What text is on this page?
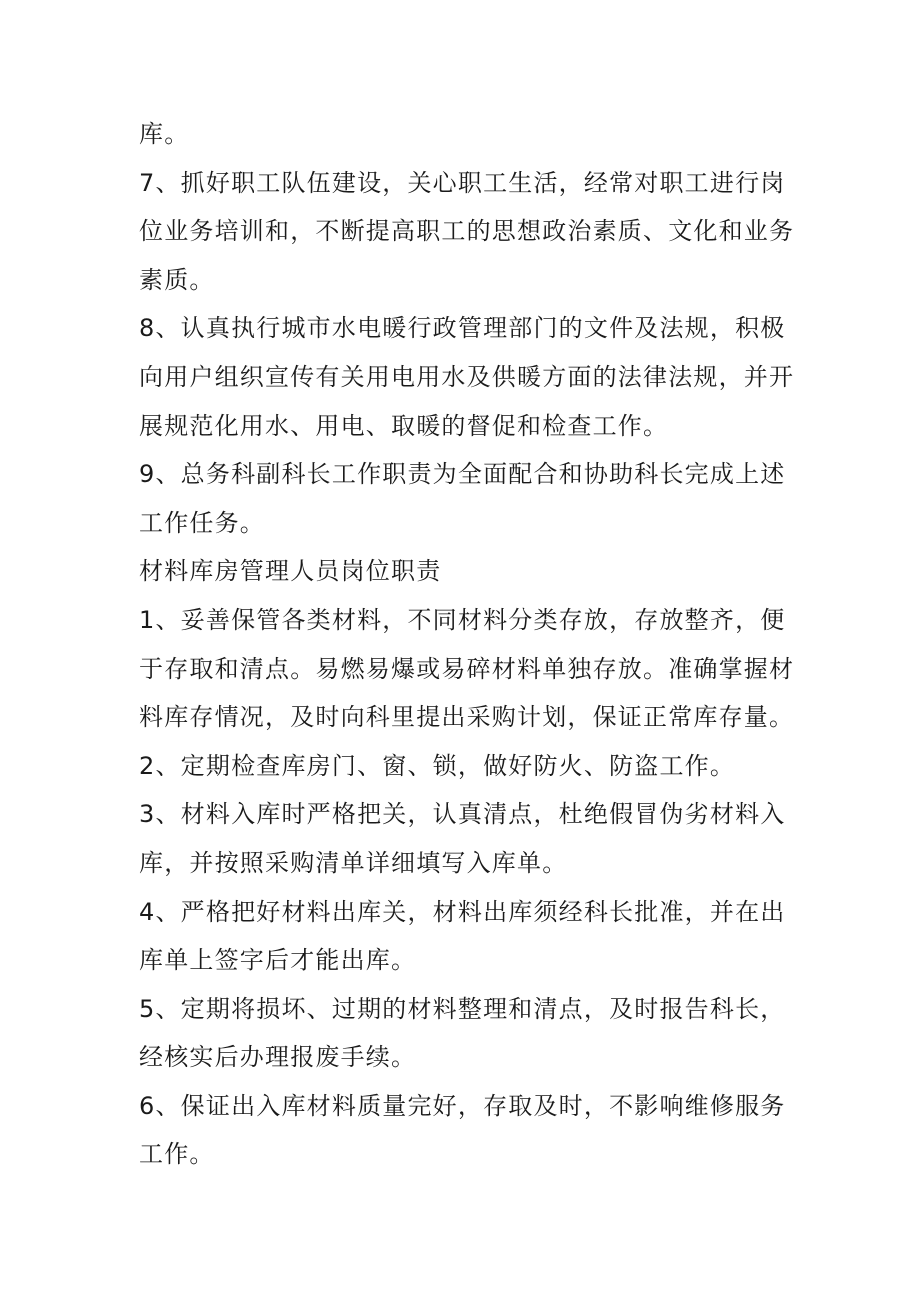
库。
7、抓好职工队伍建设，关心职工生活，经常对职工进行岗
位业务培训和，不断提高职工的思想政治素质、文化和业务
素质。
8、认真执行城市水电暖行政管理部门的文件及法规，积极
向用户组织宣传有关用电用水及供暖方面的法律法规，并开
展规范化用水、用电、取暖的督促和检查工作。
9、总务科副科长工作职责为全面配合和协助科长完成上述
工作任务。
材料库房管理人员岗位职责
1、妥善保管各类材料，不同材料分类存放，存放整齐，便
于存取和清点。易燃易爆或易碎材料单独存放。准确掌握材
料库存情况，及时向科里提出采购计划，保证正常库存量。
2、定期检查库房门、窗、锁，做好防火、防盗工作。
3、材料入库时严格把关，认真清点，杜绝假冒伪劣材料入
库，并按照采购清单详细填写入库单。
4、严格把好材料出库关，材料出库须经科长批准，并在出
库单上签字后才能出库。
5、定期将损坏、过期的材料整理和清点，及时报告科长，
经核实后办理报废手续。
6、保证出入库材料质量完好，存取及时，不影响维修服务
工作。
